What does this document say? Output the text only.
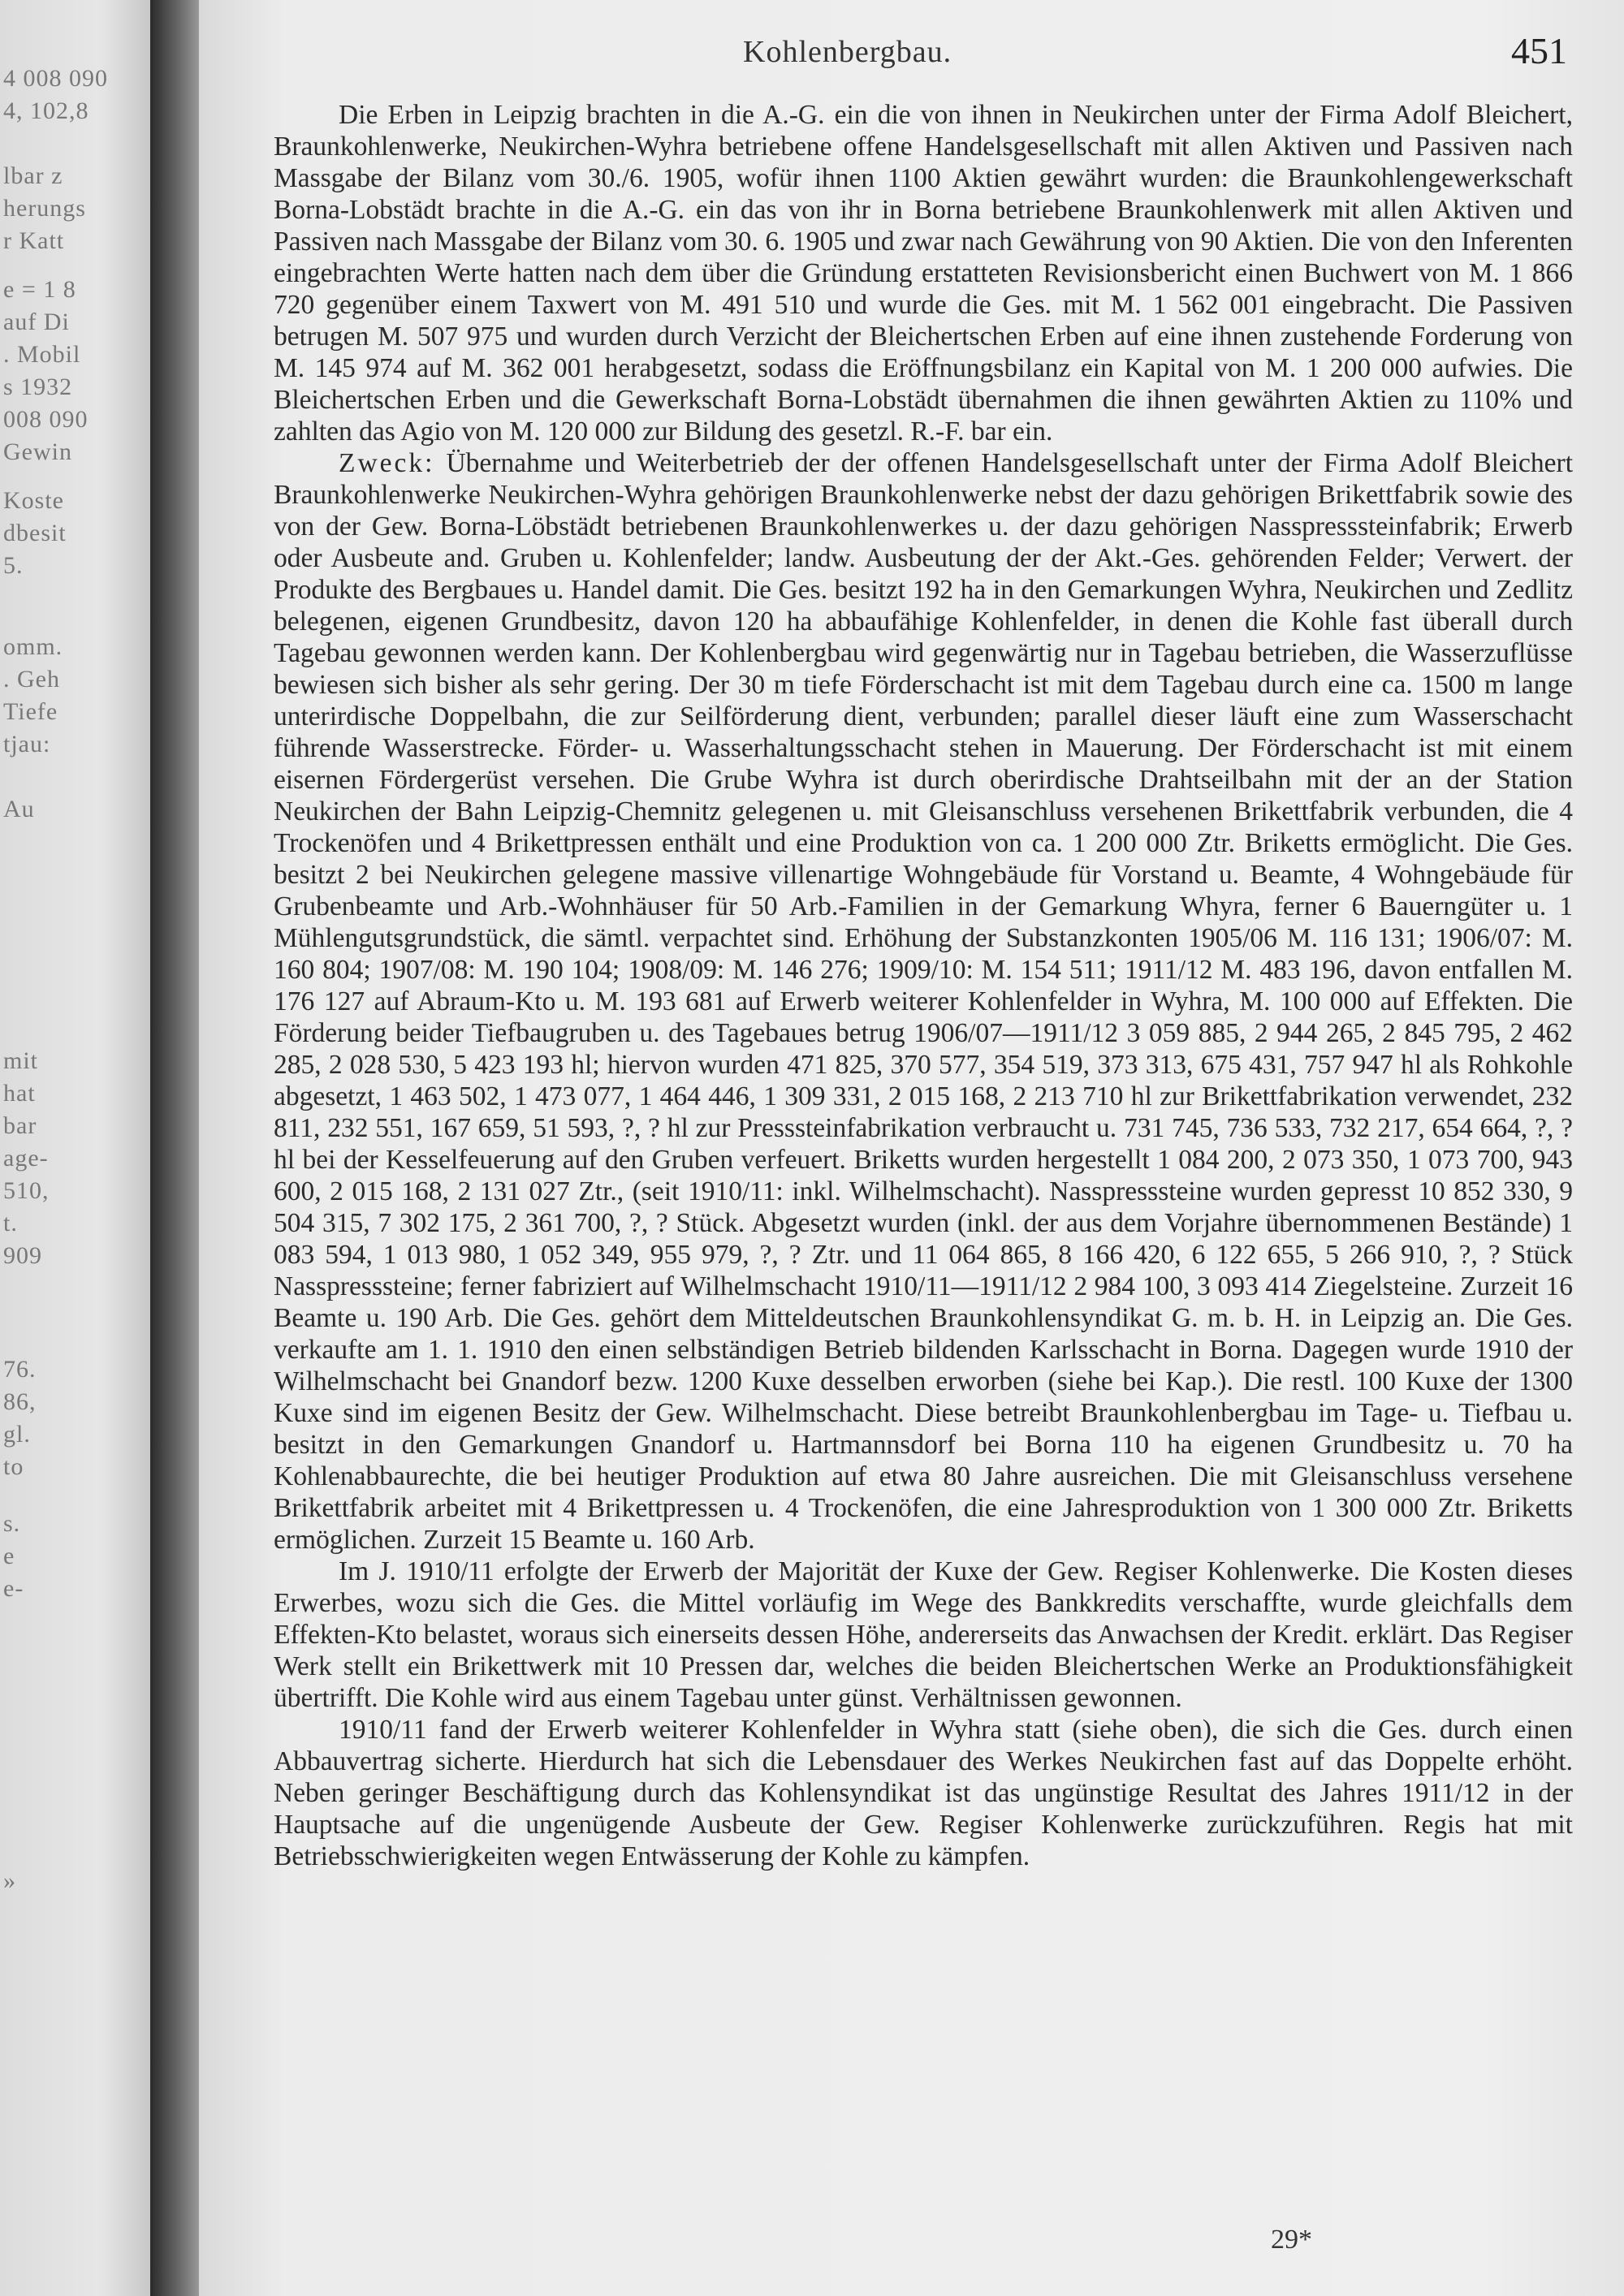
4 008 090
4, 102,8
lbar z
herungs
r Katt
e = 1 8
auf Di
. Mobil
s 1932
008 090
Gewin
Koste
dbesit
5.
omm.
. Geh
Tiefe
tjau:
Au
mit
hat
bar
age-
510,
t.
909
76.
86,
gl.
to
s.
e
e-
»
Kohlenbergbau.	451

Die Erben in Leipzig brachten in die A.-G. ein die von ihnen in Neukirchen unter der Firma Adolf Bleichert, Braunkohlenwerke, Neukirchen-Wyhra betriebene offene Handelsgesellschaft mit allen Aktiven und Passiven nach Massgabe der Bilanz vom 30./6. 1905, wofür ihnen 1100 Aktien gewährt wurden: die Braunkohlengewerkschaft Borna-Lobstädt brachte in die A.-G. ein das von ihr in Borna betriebene Braunkohlenwerk mit allen Aktiven und Passiven nach Massgabe der Bilanz vom 30. 6. 1905 und zwar nach Gewährung von 90 Aktien. Die von den Inferenten eingebrachten Werte hatten nach dem über die Gründung erstatteten Revisionsbericht einen Buchwert von M. 1 866 720 gegenüber einem Taxwert von M. 491 510 und wurde die Ges. mit M. 1 562 001 eingebracht. Die Passiven betrugen M. 507 975 und wurden durch Verzicht der Bleichertschen Erben auf eine ihnen zustehende Forderung von M. 145 974 auf M. 362 001 herabgesetzt, sodass die Eröffnungsbilanz ein Kapital von M. 1 200 000 aufwies. Die Bleichertschen Erben und die Gewerkschaft Borna-Lobstädt übernahmen die ihnen gewährten Aktien zu 110% und zahlten das Agio von M. 120 000 zur Bildung des gesetzl. R.-F. bar ein.

Zweck: Übernahme und Weiterbetrieb der der offenen Handelsgesellschaft unter der Firma Adolf Bleichert Braunkohlenwerke Neukirchen-Wyhra gehörigen Braunkohlenwerke nebst der dazu gehörigen Brikettfabrik sowie des von der Gew. Borna-Löbstädt betriebenen Braunkohlenwerkes u. der dazu gehörigen Nasspresssteinfabrik; Erwerb oder Ausbeute and. Gruben u. Kohlenfelder; landw. Ausbeutung der der Akt.-Ges. gehörenden Felder; Verwert. der Produkte des Bergbaues u. Handel damit. Die Ges. besitzt 192 ha in den Gemarkungen Wyhra, Neukirchen und Zedlitz belegenen, eigenen Grundbesitz, davon 120 ha abbaufähige Kohlenfelder, in denen die Kohle fast überall durch Tagebau gewonnen werden kann. Der Kohlenbergbau wird gegenwärtig nur in Tagebau betrieben, die Wasserzuflüsse bewiesen sich bisher als sehr gering. Der 30 m tiefe Förderschacht ist mit dem Tagebau durch eine ca. 1500 m lange unterirdische Doppelbahn, die zur Seilförderung dient, verbunden; parallel dieser läuft eine zum Wasserschacht führende Wasserstrecke. Förder- u. Wasserhaltungsschacht stehen in Mauerung. Der Förderschacht ist mit einem eisernen Fördergerüst versehen. Die Grube Wyhra ist durch oberirdische Drahtseilbahn mit der an der Station Neukirchen der Bahn Leipzig-Chemnitz gelegenen u. mit Gleisanschluss versehenen Brikettfabrik verbunden, die 4 Trockenöfen und 4 Brikettpressen enthält und eine Produktion von ca. 1 200 000 Ztr. Briketts ermöglicht. Die Ges. besitzt 2 bei Neukirchen gelegene massive villenartige Wohngebäude für Vorstand u. Beamte, 4 Wohngebäude für Grubenbeamte und Arb.-Wohnhäuser für 50 Arb.-Familien in der Gemarkung Whyra, ferner 6 Bauerngüter u. 1 Mühlengutsgrundstück, die sämtl. verpachtet sind. Erhöhung der Substanzkonten 1905/06 M. 116 131; 1906/07: M. 160 804; 1907/08: M. 190 104; 1908/09: M. 146 276; 1909/10: M. 154 511; 1911/12 M. 483 196, davon entfallen M. 176 127 auf Abraum-Kto u. M. 193 681 auf Erwerb weiterer Kohlenfelder in Wyhra, M. 100 000 auf Effekten. Die Förderung beider Tiefbaugruben u. des Tagebaues betrug 1906/07—1911/12 3 059 885, 2 944 265, 2 845 795, 2 462 285, 2 028 530, 5 423 193 hl; hiervon wurden 471 825, 370 577, 354 519, 373 313, 675 431, 757 947 hl als Rohkohle abgesetzt, 1 463 502, 1 473 077, 1 464 446, 1 309 331, 2 015 168, 2 213 710 hl zur Brikettfabrikation verwendet, 232 811, 232 551, 167 659, 51 593, ?, ? hl zur Presssteinfabrikation verbraucht u. 731 745, 736 533, 732 217, 654 664, ?, ? hl bei der Kesselfeuerung auf den Gruben verfeuert. Briketts wurden hergestellt 1 084 200, 2 073 350, 1 073 700, 943 600, 2 015 168, 2 131 027 Ztr., (seit 1910/11: inkl. Wilhelmschacht). Nasspresssteine wurden gepresst 10 852 330, 9 504 315, 7 302 175, 2 361 700, ?, ? Stück. Abgesetzt wurden (inkl. der aus dem Vorjahre übernommenen Bestände) 1 083 594, 1 013 980, 1 052 349, 955 979, ?, ? Ztr. und 11 064 865, 8 166 420, 6 122 655, 5 266 910, ?, ? Stück Nasspresssteine; ferner fabriziert auf Wilhelmschacht 1910/11—1911/12 2 984 100, 3 093 414 Ziegelsteine. Zurzeit 16 Beamte u. 190 Arb. Die Ges. gehört dem Mitteldeutschen Braunkohlensyndikat G. m. b. H. in Leipzig an. Die Ges. verkaufte am 1. 1. 1910 den einen selbständigen Betrieb bildenden Karlsschacht in Borna. Dagegen wurde 1910 der Wilhelmschacht bei Gnandorf bezw. 1200 Kuxe desselben erworben (siehe bei Kap.). Die restl. 100 Kuxe der 1300 Kuxe sind im eigenen Besitz der Gew. Wilhelmschacht. Diese betreibt Braunkohlenbergbau im Tage- u. Tiefbau u. besitzt in den Gemarkungen Gnandorf u. Hartmannsdorf bei Borna 110 ha eigenen Grundbesitz u. 70 ha Kohlenabbaurechte, die bei heutiger Produktion auf etwa 80 Jahre ausreichen. Die mit Gleisanschluss versehene Brikettfabrik arbeitet mit 4 Brikettpressen u. 4 Trockenöfen, die eine Jahresproduktion von 1 300 000 Ztr. Briketts ermöglichen. Zurzeit 15 Beamte u. 160 Arb.

Im J. 1910/11 erfolgte der Erwerb der Majorität der Kuxe der Gew. Regiser Kohlenwerke. Die Kosten dieses Erwerbes, wozu sich die Ges. die Mittel vorläufig im Wege des Bankkredits verschaffte, wurde gleichfalls dem Effekten-Kto belastet, woraus sich einerseits dessen Höhe, andererseits das Anwachsen der Kredit. erklärt. Das Regiser Werk stellt ein Brikettwerk mit 10 Pressen dar, welches die beiden Bleichertschen Werke an Produktionsfähigkeit übertrifft. Die Kohle wird aus einem Tagebau unter günst. Verhältnissen gewonnen.

1910/11 fand der Erwerb weiterer Kohlenfelder in Wyhra statt (siehe oben), die sich die Ges. durch einen Abbauvertrag sicherte. Hierdurch hat sich die Lebensdauer des Werkes Neukirchen fast auf das Doppelte erhöht. Neben geringer Beschäftigung durch das Kohlensyndikat ist das ungünstige Resultat des Jahres 1911/12 in der Hauptsache auf die ungenügende Ausbeute der Gew. Regiser Kohlenwerke zurückzuführen. Regis hat mit Betriebsschwierigkeiten wegen Entwässerung der Kohle zu kämpfen.

29*
